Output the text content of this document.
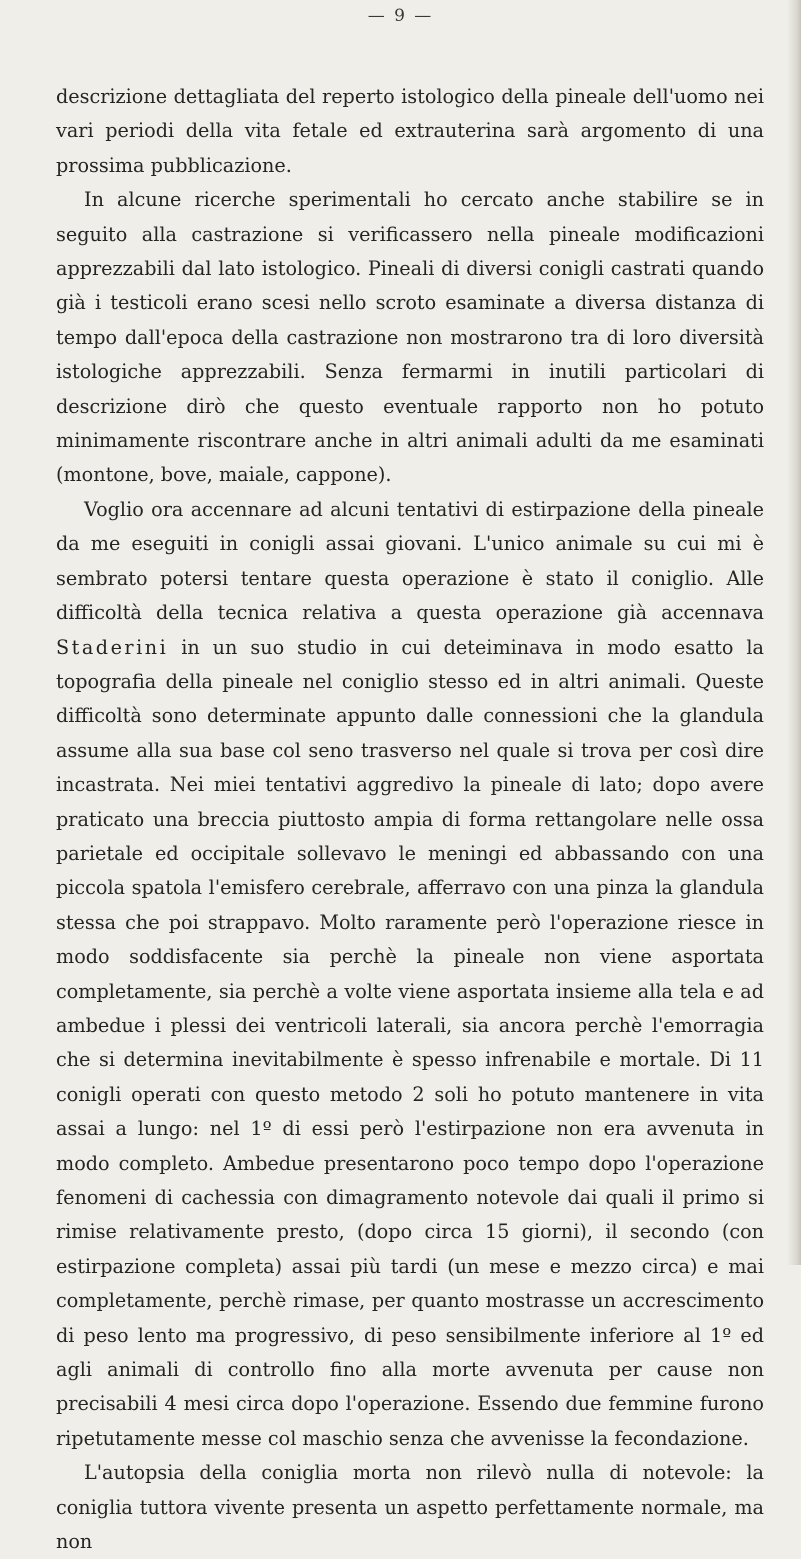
— 9 —

descrizione dettagliata del reperto istologico della pineale dell'uomo nei vari periodi della vita fetale ed extrauterina sarà argomento di una prossima pubblicazione.

In alcune ricerche sperimentali ho cercato anche stabilire se in seguito alla castrazione si verificassero nella pineale modificazioni apprezzabili dal lato istologico. Pineali di diversi conigli castrati quando già i testicoli erano scesi nello scroto esaminate a diversa distanza di tempo dall'epoca della castrazione non mostrarono tra di loro diversità istologiche apprezzabili. Senza fermarmi in inutili particolari di descrizione dirò che questo eventuale rapporto non ho potuto minimamente riscontrare anche in altri animali adulti da me esaminati (montone, bove, maiale, cappone).

Voglio ora accennare ad alcuni tentativi di estirpazione della pineale da me eseguiti in conigli assai giovani. L'unico animale su cui mi è sembrato potersi tentare questa operazione è stato il coniglio. Alle difficoltà della tecnica relativa a questa operazione già accennava Staderini in un suo studio in cui deteiminava in modo esatto la topografia della pineale nel coniglio stesso ed in altri animali. Queste difficoltà sono determinate appunto dalle connessioni che la glandula assume alla sua base col seno trasverso nel quale si trova per così dire incastrata. Nei miei tentativi aggredivo la pineale di lato; dopo avere praticato una breccia piuttosto ampia di forma rettangolare nelle ossa parietale ed occipitale sollevavo le meningi ed abbassando con una piccola spatola l'emisfero cerebrale, afferravo con una pinza la glandula stessa che poi strappavo. Molto raramente però l'operazione riesce in modo soddisfacente sia perchè la pineale non viene asportata completamente, sia perchè a volte viene asportata insieme alla tela e ad ambedue i plessi dei ventricoli laterali, sia ancora perchè l'emorragia che si determina inevitabilmente è spesso infrenabile e mortale. Di 11 conigli operati con questo metodo 2 soli ho potuto mantenere in vita assai a lungo: nel 1º di essi però l'estirpazione non era avvenuta in modo completo. Ambedue presentarono poco tempo dopo l'operazione fenomeni di cachessia con dimagramento notevole dai quali il primo si rimise relativamente presto, (dopo circa 15 giorni), il secondo (con estirpazione completa) assai più tardi (un mese e mezzo circa) e mai completamente, perchè rimase, per quanto mostrasse un accrescimento di peso lento ma progressivo, di peso sensibilmente inferiore al 1º ed agli animali di controllo fino alla morte avvenuta per cause non precisabili 4 mesi circa dopo l'operazione. Essendo due femmine furono ripetutamente messe col maschio senza che avvenisse la fecondazione.

L'autopsia della coniglia morta non rilevò nulla di notevole: la coniglia tuttora vivente presenta un aspetto perfettamente normale, ma non
